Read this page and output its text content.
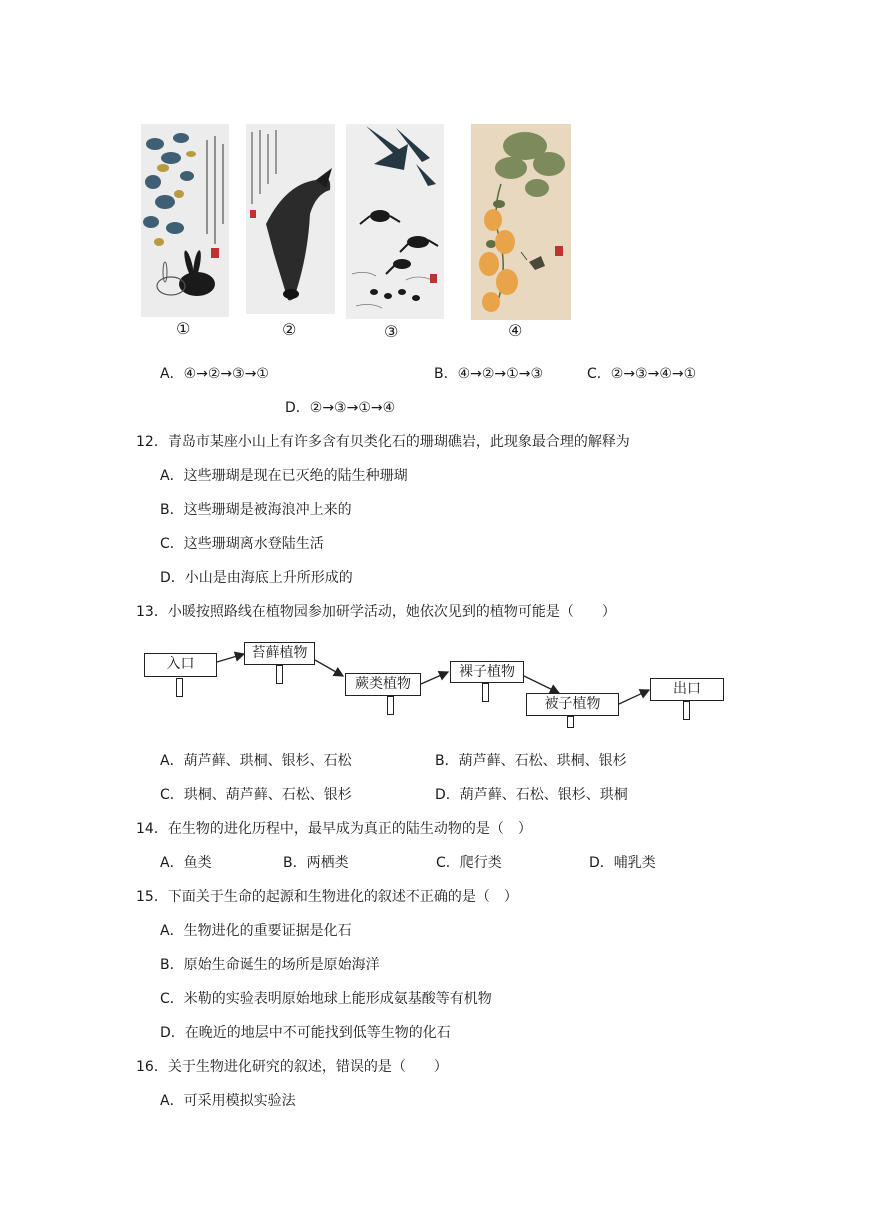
①	②	③	④
A．④→②→③→①	B．④→②→①→③	C．②→③→④→①
D．②→③→①→④
12．青岛市某座小山上有许多含有贝类化石的珊瑚礁岩，此现象最合理的解释为
A．这些珊瑚是现在已灭绝的陆生种珊瑚
B．这些珊瑚是被海浪冲上来的
C．这些珊瑚离水登陆生活
D．小山是由海底上升所形成的
13．小暖按照路线在植物园参加研学活动，她依次见到的植物可能是（　　）
入口
苔藓植物
蕨类植物
裸子植物
被子植物
出口
A．葫芦藓、珙桐、银杉、石松	B．葫芦藓、石松、珙桐、银杉
C．珙桐、葫芦藓、石松、银杉	D．葫芦藓、石松、银杉、珙桐
14．在生物的进化历程中，最早成为真正的陆生动物的是（　）
A．鱼类	B．两栖类	C．爬行类	D．哺乳类
15．下面关于生命的起源和生物进化的叙述不正确的是（　）
A．生物进化的重要证据是化石
B．原始生命诞生的场所是原始海洋
C．米勒的实验表明原始地球上能形成氨基酸等有机物
D．在晚近的地层中不可能找到低等生物的化石
16．关于生物进化研究的叙述，错误的是（　　）
A．可采用模拟实验法
